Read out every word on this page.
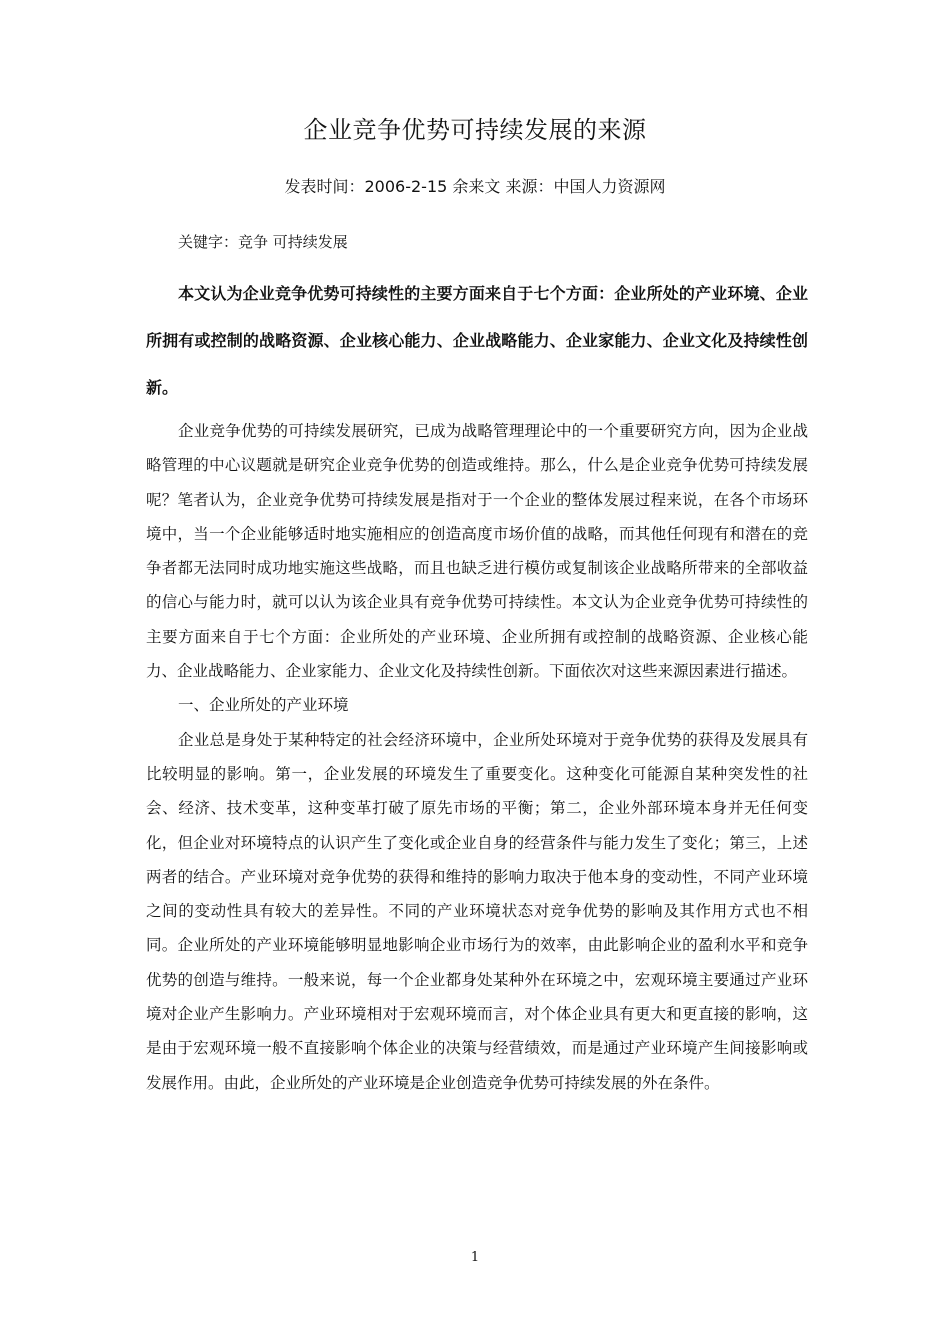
企业竞争优势可持续发展的来源
发表时间：2006-2-15 余来文 来源：中国人力资源网
关键字：竞争 可持续发展

本文认为企业竞争优势可持续性的主要方面来自于七个方面：企业所处的产业环境、企业所拥有或控制的战略资源、企业核心能力、企业战略能力、企业家能力、企业文化及持续性创新。

企业竞争优势的可持续发展研究，已成为战略管理理论中的一个重要研究方向，因为企业战略管理的中心议题就是研究企业竞争优势的创造或维持。那么，什么是企业竞争优势可持续发展呢？笔者认为，企业竞争优势可持续发展是指对于一个企业的整体发展过程来说，在各个市场环境中，当一个企业能够适时地实施相应的创造高度市场价值的战略，而其他任何现有和潜在的竞争者都无法同时成功地实施这些战略，而且也缺乏进行模仿或复制该企业战略所带来的全部收益的信心与能力时，就可以认为该企业具有竞争优势可持续性。本文认为企业竞争优势可持续性的主要方面来自于七个方面：企业所处的产业环境、企业所拥有或控制的战略资源、企业核心能力、企业战略能力、企业家能力、企业文化及持续性创新。下面依次对这些来源因素进行描述。

一、企业所处的产业环境

企业总是身处于某种特定的社会经济环境中，企业所处环境对于竞争优势的获得及发展具有比较明显的影响。第一，企业发展的环境发生了重要变化。这种变化可能源自某种突发性的社会、经济、技术变革，这种变革打破了原先市场的平衡；第二，企业外部环境本身并无任何变化，但企业对环境特点的认识产生了变化或企业自身的经营条件与能力发生了变化；第三，上述两者的结合。产业环境对竞争优势的获得和维持的影响力取决于他本身的变动性，不同产业环境之间的变动性具有较大的差异性。不同的产业环境状态对竞争优势的影响及其作用方式也不相同。企业所处的产业环境能够明显地影响企业市场行为的效率，由此影响企业的盈利水平和竞争优势的创造与维持。一般来说，每一个企业都身处某种外在环境之中，宏观环境主要通过产业环境对企业产生影响力。产业环境相对于宏观环境而言，对个体企业具有更大和更直接的影响，这是由于宏观环境一般不直接影响个体企业的决策与经营绩效，而是通过产业环境产生间接影响或发展作用。由此，企业所处的产业环境是企业创造竞争优势可持续发展的外在条件。

1
